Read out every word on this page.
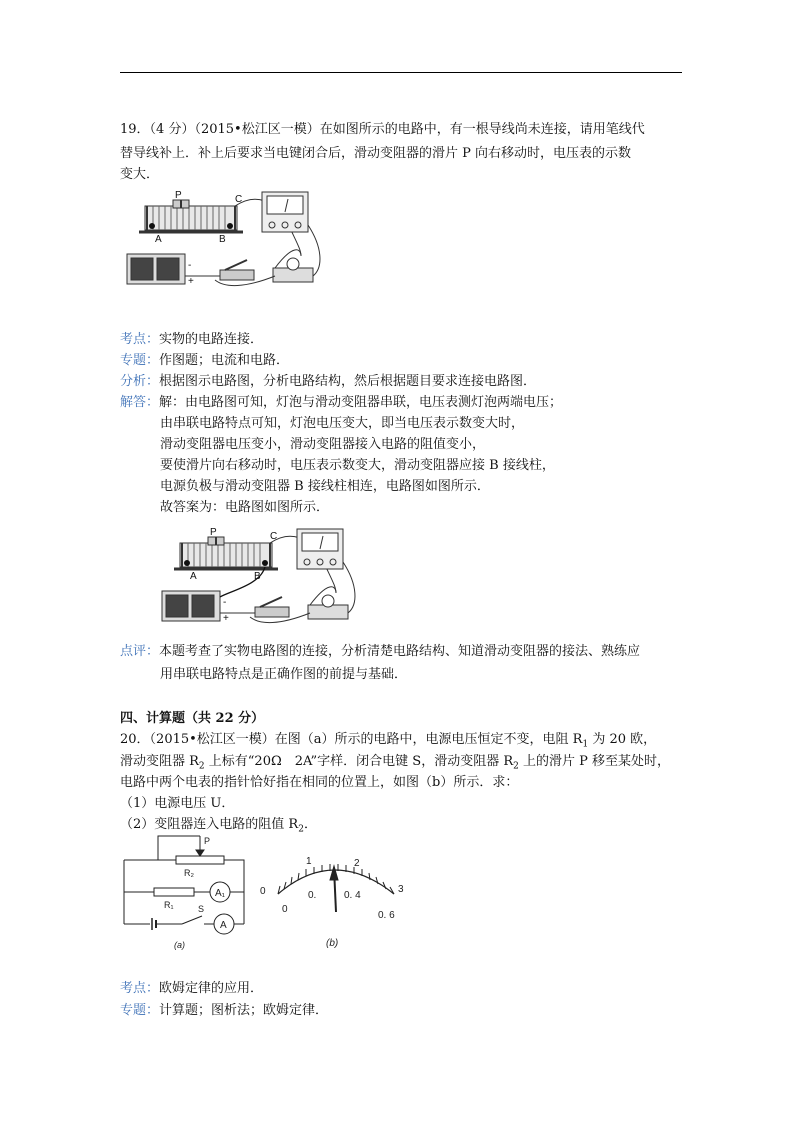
19．（4 分）（2015•松江区一模）在如图所示的电路中，有一根导线尚未连接，请用笔线代
替导线补上．补上后要求当电键闭合后，滑动变阻器的滑片 P 向右移动时，电压表的示数
变大．
P
A	B
C
-
+
考点：实物的电路连接．
专题：作图题；电流和电路．
分析：根据图示电路图，分析电路结构，然后根据题目要求连接电路图．
解答：解：由电路图可知，灯泡与滑动变阻器串联，电压表测灯泡两端电压；
由串联电路特点可知，灯泡电压变大，即当电压表示数变大时，
滑动变阻器电压变小，滑动变阻器接入电路的阻值变小，
要使滑片向右移动时，电压表示数变大，滑动变阻器应接 B 接线柱，
电源负极与滑动变阻器 B 接线柱相连，电路图如图所示．
故答案为：电路图如图所示．
P
A	B
C
-
+
点评：本题考查了实物电路图的连接，分析清楚电路结构、知道滑动变阻器的接法、熟练应
用串联电路特点是正确作图的前提与基础．
四、计算题（共 22 分）
20．（2015•松江区一模）在图（a）所示的电路中，电源电压恒定不变，电阻 $R_1$ 为 20 欧，
滑动变阻器 $R_2$ 上标有“20Ω　2A”字样．闭合电键 S，滑动变阻器 $R_2$ 上的滑片 P 移至某处时，
电路中两个电表的指针恰好指在相同的位置上，如图（b）所示．求：
（1）电源电压 U．
（2）变阻器连入电路的阻值 $R_2$．
P
R₂
R₁	S
A₁
A
(a)
0
1	2
3
0
0.	0. 4
0. 6
(b)
考点：欧姆定律的应用．
专题：计算题；图析法；欧姆定律．
